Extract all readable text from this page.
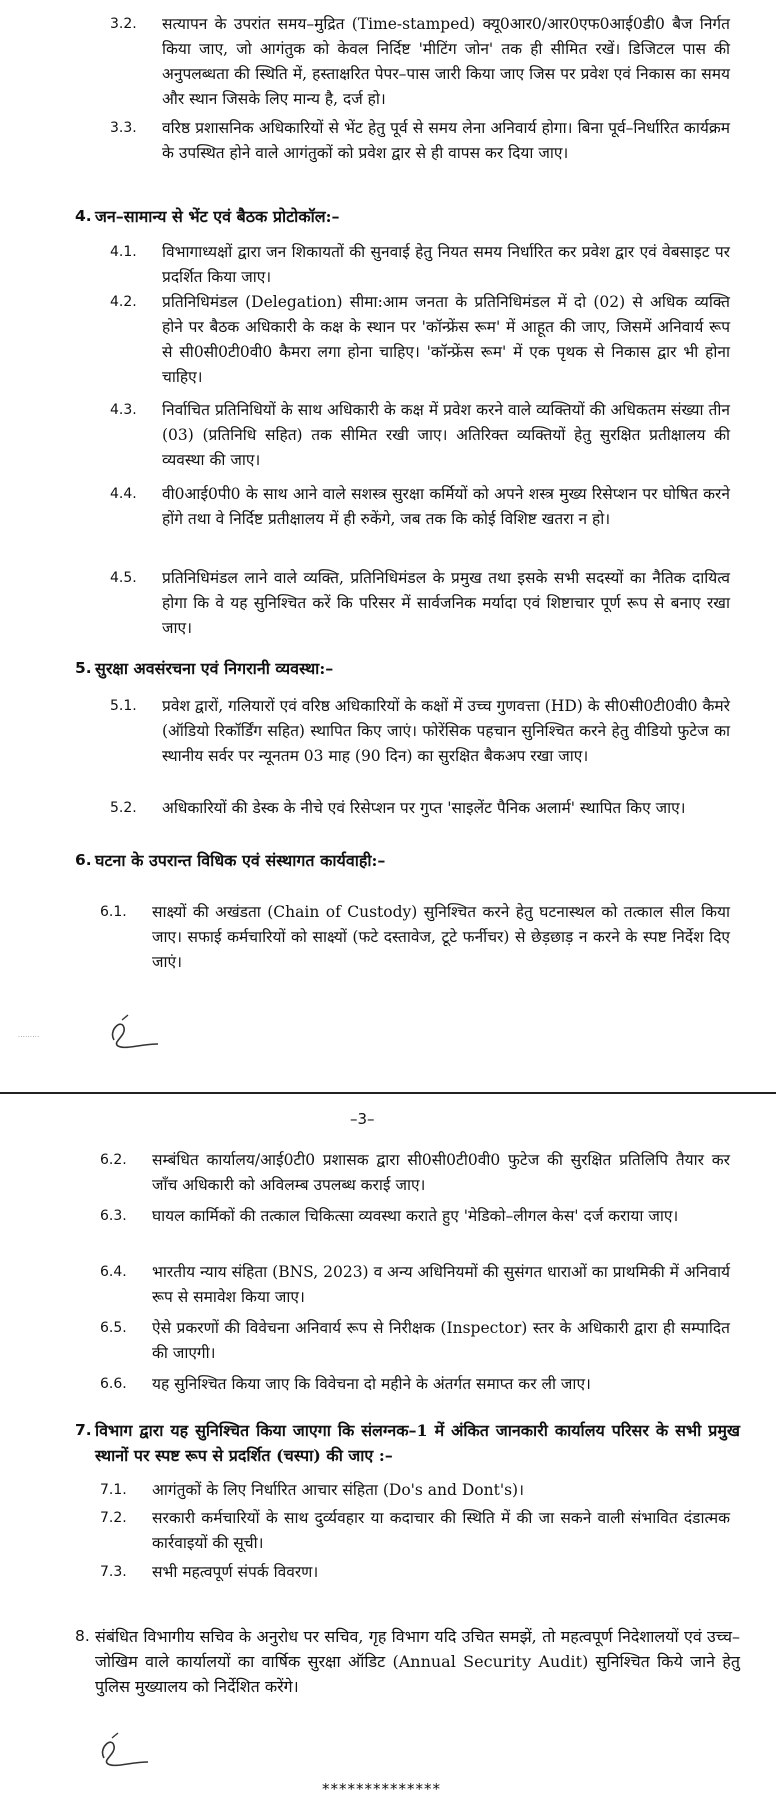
3.2. सत्यापन के उपरांत समय–मुद्रित (Time-stamped) क्यू0आर0/आर0एफ0आई0डी0 बैज निर्गत किया जाए, जो आगंतुक को केवल निर्दिष्ट 'मीटिंग जोन' तक ही सीमित रखें। डिजिटल पास की अनुपलब्धता की स्थिति में, हस्ताक्षरित पेपर–पास जारी किया जाए जिस पर प्रवेश एवं निकास का समय और स्थान जिसके लिए मान्य है, दर्ज हो।
3.3. वरिष्ठ प्रशासनिक अधिकारियों से भेंट हेतु पूर्व से समय लेना अनिवार्य होगा। बिना पूर्व–निर्धारित कार्यक्रम के उपस्थित होने वाले आगंतुकों को प्रवेश द्वार से ही वापस कर दिया जाए।
4. जन–सामान्य से भेंट एवं बैठक प्रोटोकॉल:–
4.1. विभागाध्यक्षों द्वारा जन शिकायतों की सुनवाई हेतु नियत समय निर्धारित कर प्रवेश द्वार एवं वेबसाइट पर प्रदर्शित किया जाए।
4.2. प्रतिनिधिमंडल (Delegation) सीमा:आम जनता के प्रतिनिधिमंडल में दो (02) से अधिक व्यक्ति होने पर बैठक अधिकारी के कक्ष के स्थान पर 'कॉन्फ्रेंस रूम' में आहूत की जाए, जिसमें अनिवार्य रूप से सी0सी0टी0वी0 कैमरा लगा होना चाहिए। 'कॉन्फ्रेंस रूम' में एक पृथक से निकास द्वार भी होना चाहिए।
4.3. निर्वाचित प्रतिनिधियों के साथ अधिकारी के कक्ष में प्रवेश करने वाले व्यक्तियों की अधिकतम संख्या तीन (03) (प्रतिनिधि सहित) तक सीमित रखी जाए। अतिरिक्त व्यक्तियों हेतु सुरक्षित प्रतीक्षालय की व्यवस्था की जाए।
4.4. वी0आई0पी0 के साथ आने वाले सशस्त्र सुरक्षा कर्मियों को अपने शस्त्र मुख्य रिसेप्शन पर घोषित करने होंगे तथा वे निर्दिष्ट प्रतीक्षालय में ही रुकेंगे, जब तक कि कोई विशिष्ट खतरा न हो।
4.5. प्रतिनिधिमंडल लाने वाले व्यक्ति, प्रतिनिधिमंडल के प्रमुख तथा इसके सभी सदस्यों का नैतिक दायित्व होगा कि वे यह सुनिश्चित करें कि परिसर में सार्वजनिक मर्यादा एवं शिष्टाचार पूर्ण रूप से बनाए रखा जाए।
5. सुरक्षा अवसंरचना एवं निगरानी व्यवस्था:–
5.1. प्रवेश द्वारों, गलियारों एवं वरिष्ठ अधिकारियों के कक्षों में उच्च गुणवत्ता (HD) के सी0सी0टी0वी0 कैमरे (ऑडियो रिकॉर्डिंग सहित) स्थापित किए जाएं। फोरेंसिक पहचान सुनिश्चित करने हेतु वीडियो फुटेज का स्थानीय सर्वर पर न्यूनतम 03 माह (90 दिन) का सुरक्षित बैकअप रखा जाए।
5.2. अधिकारियों की डेस्क के नीचे एवं रिसेप्शन पर गुप्त 'साइलेंट पैनिक अलार्म' स्थापित किए जाए।
6. घटना के उपरान्त विधिक एवं संस्थागत कार्यवाही:–
6.1. साक्ष्यों की अखंडता (Chain of Custody) सुनिश्चित करने हेतु घटनास्थल को तत्काल सील किया जाए। सफाई कर्मचारियों को साक्ष्यों (फटे दस्तावेज, टूटे फर्नीचर) से छेड़छाड़ न करने के स्पष्ट निर्देश दिए जाएं।
·········
–3–
6.2. सम्बंधित कार्यालय/आई0टी0 प्रशासक द्वारा सी0सी0टी0वी0 फुटेज की सुरक्षित प्रतिलिपि तैयार कर जाँच अधिकारी को अविलम्ब उपलब्ध कराई जाए।
6.3. घायल कार्मिकों की तत्काल चिकित्सा व्यवस्था कराते हुए 'मेडिको–लीगल केस' दर्ज कराया जाए।
6.4. भारतीय न्याय संहिता (BNS, 2023) व अन्य अधिनियमों की सुसंगत धाराओं का प्राथमिकी में अनिवार्य रूप से समावेश किया जाए।
6.5. ऐसे प्रकरणों की विवेचना अनिवार्य रूप से निरीक्षक (Inspector) स्तर के अधिकारी द्वारा ही सम्पादित की जाएगी।
6.6. यह सुनिश्चित किया जाए कि विवेचना दो महीने के अंतर्गत समाप्त कर ली जाए।
7. विभाग द्वारा यह सुनिश्चित किया जाएगा कि संलग्नक–1 में अंकित जानकारी कार्यालय परिसर के सभी प्रमुख स्थानों पर स्पष्ट रूप से प्रदर्शित (चस्पा) की जाए :–
7.1. आगंतुकों के लिए निर्धारित आचार संहिता (Do's and Dont's)।
7.2. सरकारी कर्मचारियों के साथ दुर्व्यवहार या कदाचार की स्थिति में की जा सकने वाली संभावित दंडात्मक कार्रवाइयों की सूची।
7.3. सभी महत्वपूर्ण संपर्क विवरण।
8. संबंधित विभागीय सचिव के अनुरोध पर सचिव, गृह विभाग यदि उचित समझें, तो महत्वपूर्ण निदेशालयों एवं उच्च–जोखिम वाले कार्यालयों का वार्षिक सुरक्षा ऑडिट (Annual Security Audit) सुनिश्चित किये जाने हेतु पुलिस मुख्यालय को निर्देशित करेंगे।
**************
